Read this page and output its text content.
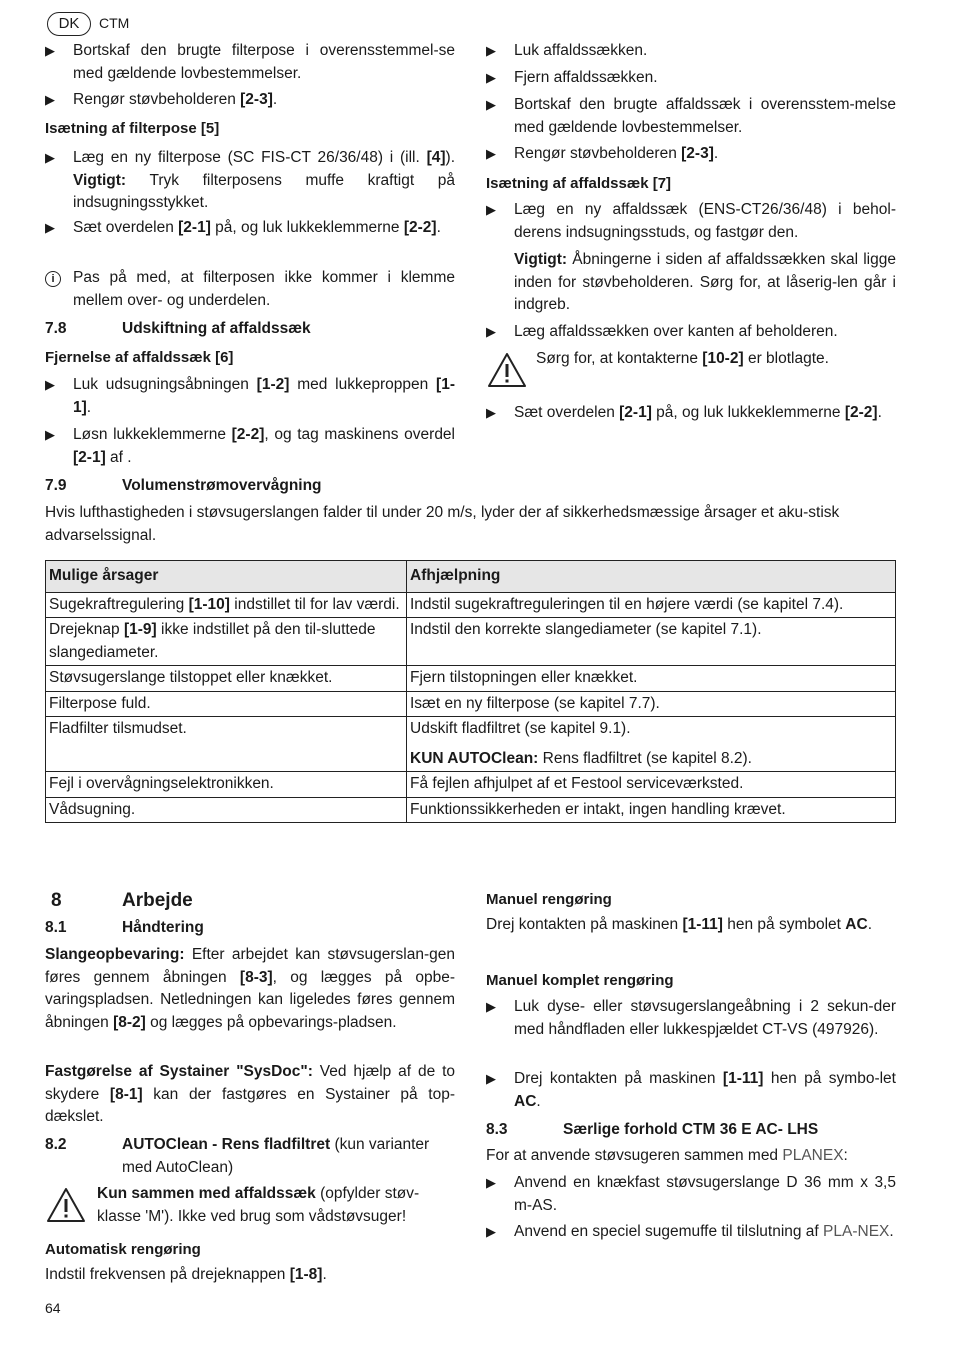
DK	CTM
▶ Bortskaf den brugte filterpose i overensstemmel-se med gældende lovbestemmelser.
▶ Rengør støvbeholderen [2-3].
Isætning af filterpose [5]
▶ Læg en ny filterpose (SC FIS-CT 26/36/48) i (ill. [4]). Vigtigt: Tryk filterposens muffe kraftigt på indsugningsstykket.
▶ Sæt overdelen [2-1] på, og luk lukkeklemmerne [2-2].
i	Pas på med, at filterposen ikke kommer i klemme mellem over- og underdelen.
7.8	Udskiftning af affaldssæk
Fjernelse af affaldssæk [6]
▶ Luk udsugningsåbningen [1-2] med lukkeproppen [1-1].
▶ Løsn lukkeklemmerne [2-2], og tag maskinens overdel [2-1] af .
▶ Luk affaldssækken.
▶ Fjern affaldssækken.
▶ Bortskaf den brugte affaldssæk i overensstem-melse med gældende lovbestemmelser.
▶ Rengør støvbeholderen [2-3].
Isætning af affaldssæk [7]
▶ Læg en ny affaldssæk (ENS-CT26/36/48) i behol-derens indsugningsstuds, og fastgør den.
Vigtigt: Åbningerne i siden af affaldssækken skal ligge inden for støvbeholderen. Sørg for, at låserig-len går i indgreb.
▶ Læg affaldssækken over kanten af beholderen.
Sørg for, at kontakterne [10-2] er blotlagte.
▶ Sæt overdelen [2-1] på, og luk lukkeklemmerne [2-2].
7.9	Volumenstrømovervågning
Hvis lufthastigheden i støvsugerslangen falder til under 20 m/s, lyder der af sikkerhedsmæssige årsager et aku-stisk advarselssignal.
Mulige årsager	Afhjælpning
Sugekraftregulering [1-10] indstillet til for lav værdi.	Indstil sugekraftreguleringen til en højere værdi (se kapitel 7.4).
Drejeknap [1-9] ikke indstillet på den til-sluttede slangediameter.	Indstil den korrekte slangediameter (se kapitel 7.1).
Støvsugerslange tilstoppet eller knækket.	Fjern tilstopningen eller knækket.
Filterpose fuld.	Isæt en ny filterpose (se kapitel 7.7).
Fladfilter tilsmudset.	Udskift fladfiltret (se kapitel 9.1).
KUN AUTOClean: Rens fladfiltret (se kapitel 8.2).

Fejl i overvågningselektronikken.	Få fejlen afhjulpet af et Festool serviceværksted.
Vådsugning.	Funktionssikkerheden er intakt, ingen handling krævet.
8	Arbejde
8.1	Håndtering
Slangeopbevaring: Efter arbejdet kan støvsugerslan-gen føres gennem åbningen [8-3], og lægges på opbe-varingspladsen. Netledningen kan ligeledes føres gennem åbningen [8-2] og lægges på opbevarings-pladsen.
Fastgørelse af Systainer "SysDoc": Ved hjælp af de to skydere [8-1] kan der fastgøres en Systainer på top-dækslet.
8.2	AUTOClean - Rens fladfiltret (kun varianter med AutoClean)
Kun sammen med affaldssæk (opfylder støv-klasse 'M'). Ikke ved brug som vådstøvsuger!
Automatisk rengøring
Indstil frekvensen på drejeknappen [1-8].
Manuel rengøring
Drej kontakten på maskinen [1-11] hen på symbolet AC.
Manuel komplet rengøring
▶ Luk dyse- eller støvsugerslangeåbning i 2 sekun-der med håndfladen eller lukkespjældet CT-VS (497926).
▶ Drej kontakten på maskinen [1-11] hen på symbo-let AC.
8.3	Særlige forhold CTM 36 E AC- LHS
For at anvende støvsugeren sammen med PLANEX:
▶ Anvend en knækfast støvsugerslange D 36 mm x 3,5 m-AS.
▶ Anvend en speciel sugemuffe til tilslutning af PLA-NEX.
64
